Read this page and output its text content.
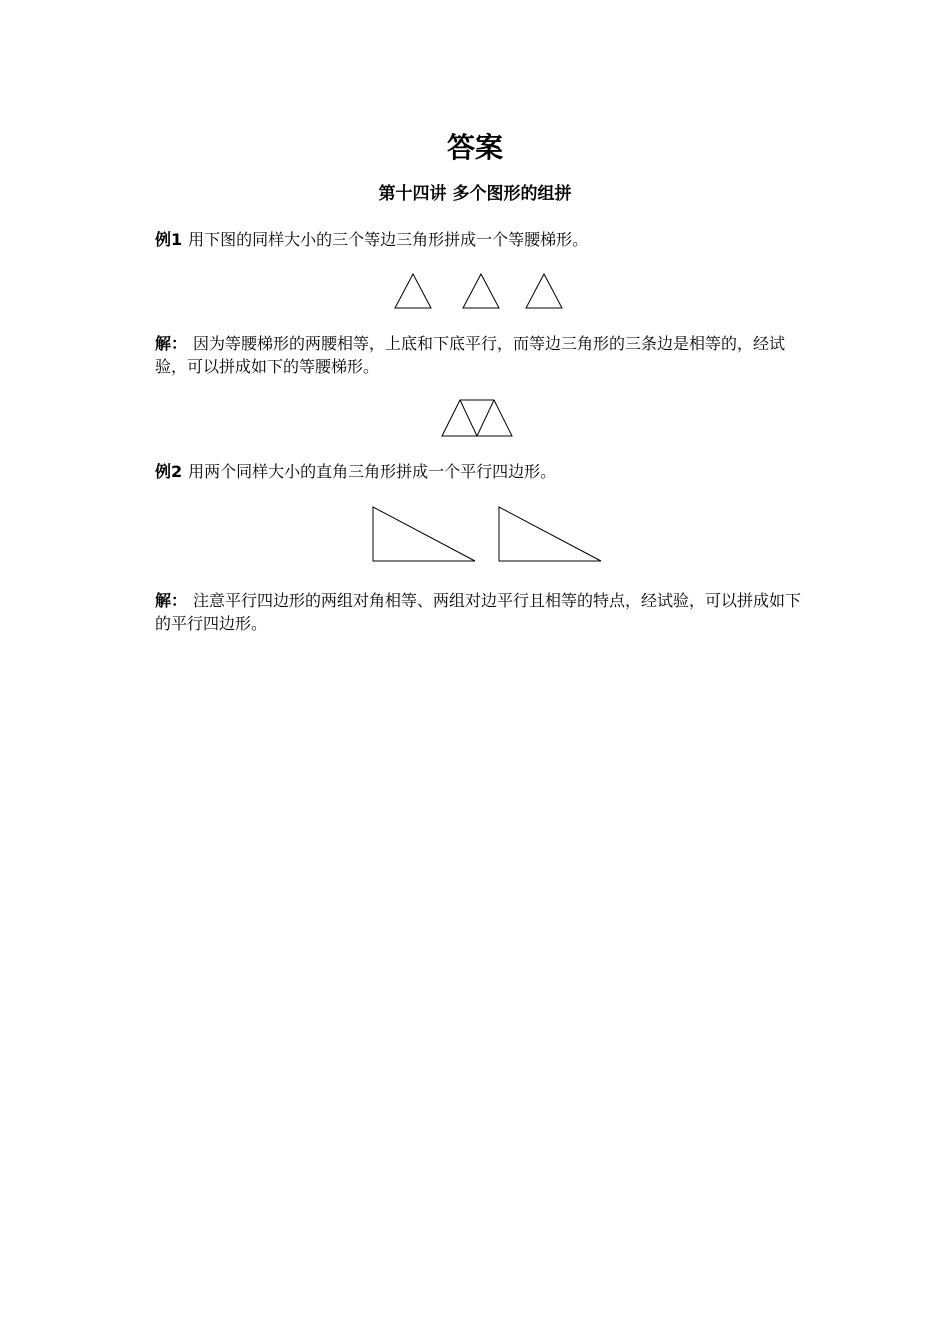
答案
第十四讲 多个图形的组拼
例1 用下图的同样大小的三个等边三角形拼成一个等腰梯形。
解： 因为等腰梯形的两腰相等，上底和下底平行，而等边三角形的三条边是相等的，经试验，可以拼成如下的等腰梯形。
例2 用两个同样大小的直角三角形拼成一个平行四边形。
解： 注意平行四边形的两组对角相等、两组对边平行且相等的特点，经试验，可以拼成如下的平行四边形。
